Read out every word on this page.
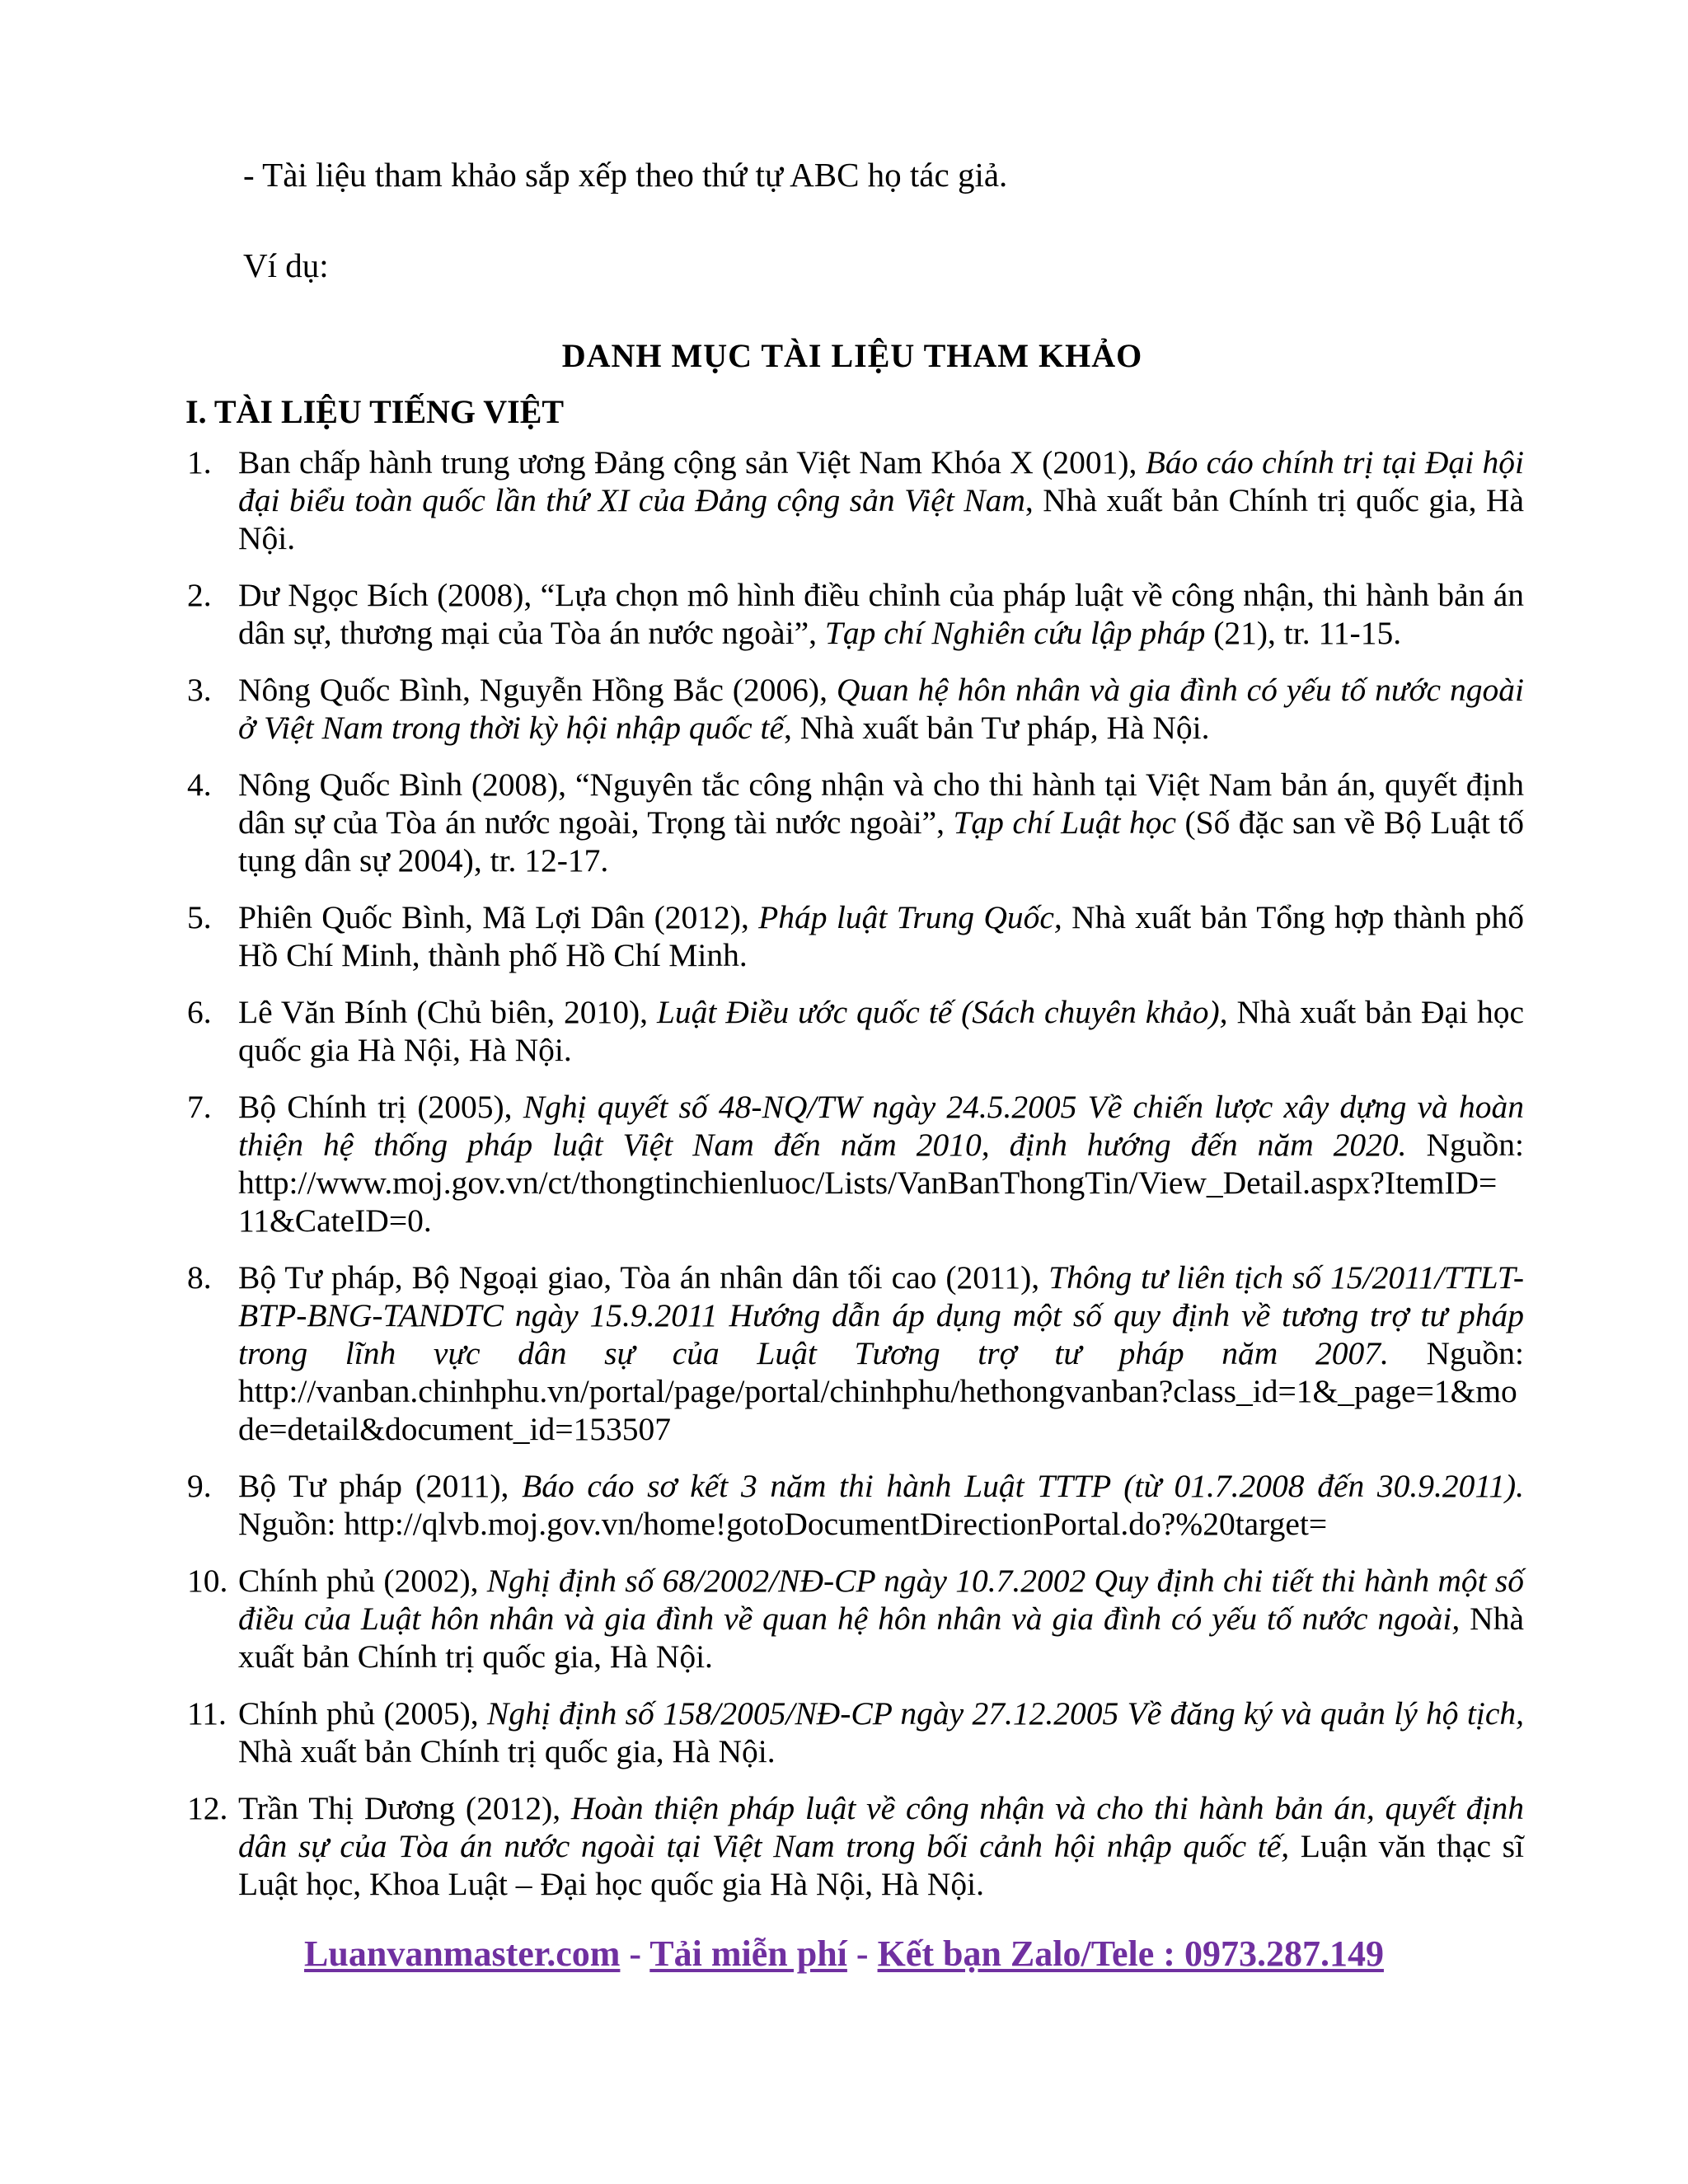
- Tài liệu tham khảo sắp xếp theo thứ tự ABC họ tác giả.
Ví dụ:
DANH MỤC TÀI LIỆU THAM KHẢO
I. TÀI LIỆU TIẾNG VIỆT
1. Ban chấp hành trung ương Đảng cộng sản Việt Nam Khóa X (2001), Báo cáo chính trị tại Đại hội đại biểu toàn quốc lần thứ XI của Đảng cộng sản Việt Nam, Nhà xuất bản Chính trị quốc gia, Hà Nội.
2. Dư Ngọc Bích (2008), “Lựa chọn mô hình điều chỉnh của pháp luật về công nhận, thi hành bản án dân sự, thương mại của Tòa án nước ngoài”, Tạp chí Nghiên cứu lập pháp (21), tr. 11-15.
3. Nông Quốc Bình, Nguyễn Hồng Bắc (2006), Quan hệ hôn nhân và gia đình có yếu tố nước ngoài ở Việt Nam trong thời kỳ hội nhập quốc tế, Nhà xuất bản Tư pháp, Hà Nội.
4. Nông Quốc Bình (2008), “Nguyên tắc công nhận và cho thi hành tại Việt Nam bản án, quyết định dân sự của Tòa án nước ngoài, Trọng tài nước ngoài”, Tạp chí Luật học (Số đặc san về Bộ Luật tố tụng dân sự 2004), tr. 12-17.
5. Phiên Quốc Bình, Mã Lợi Dân (2012), Pháp luật Trung Quốc, Nhà xuất bản Tổng hợp thành phố Hồ Chí Minh, thành phố Hồ Chí Minh.
6. Lê Văn Bính (Chủ biên, 2010), Luật Điều ước quốc tế (Sách chuyên khảo), Nhà xuất bản Đại học quốc gia Hà Nội, Hà Nội.
7. Bộ Chính trị (2005), Nghị quyết số 48-NQ/TW ngày 24.5.2005 Về chiến lược xây dựng và hoàn thiện hệ thống pháp luật Việt Nam đến năm 2010, định hướng đến năm 2020. Nguồn: http://www.moj.gov.vn/ct/thongtinchienluoc/Lists/VanBanThongTin/View_Detail.aspx?ItemID= 11&CateID=0.
8. Bộ Tư pháp, Bộ Ngoại giao, Tòa án nhân dân tối cao (2011), Thông tư liên tịch số 15/2011/TTLT-BTP-BNG-TANDTC ngày 15.9.2011 Hướng dẫn áp dụng một số quy định về tương trợ tư pháp trong lĩnh vực dân sự của Luật Tương trợ tư pháp năm 2007. Nguồn: http://vanban.chinhphu.vn/portal/page/portal/chinhphu/hethongvanban?class_id=1&_page=1&mo de=detail&document_id=153507
9. Bộ Tư pháp (2011), Báo cáo sơ kết 3 năm thi hành Luật TTTP (từ 01.7.2008 đến 30.9.2011). Nguồn: http://qlvb.moj.gov.vn/home!gotoDocumentDirectionPortal.do?%20target=
10. Chính phủ (2002), Nghị định số 68/2002/NĐ-CP ngày 10.7.2002 Quy định chi tiết thi hành một số điều của Luật hôn nhân và gia đình về quan hệ hôn nhân và gia đình có yếu tố nước ngoài, Nhà xuất bản Chính trị quốc gia, Hà Nội.
11. Chính phủ (2005), Nghị định số 158/2005/NĐ-CP ngày 27.12.2005 Về đăng ký và quản lý hộ tịch, Nhà xuất bản Chính trị quốc gia, Hà Nội.
12. Trần Thị Dương (2012), Hoàn thiện pháp luật về công nhận và cho thi hành bản án, quyết định dân sự của Tòa án nước ngoài tại Việt Nam trong bối cảnh hội nhập quốc tế, Luận văn thạc sĩ Luật học, Khoa Luật – Đại học quốc gia Hà Nội, Hà Nội.
Luanvanmaster.com - Tải miễn phí - Kết bạn Zalo/Tele : 0973.287.149
